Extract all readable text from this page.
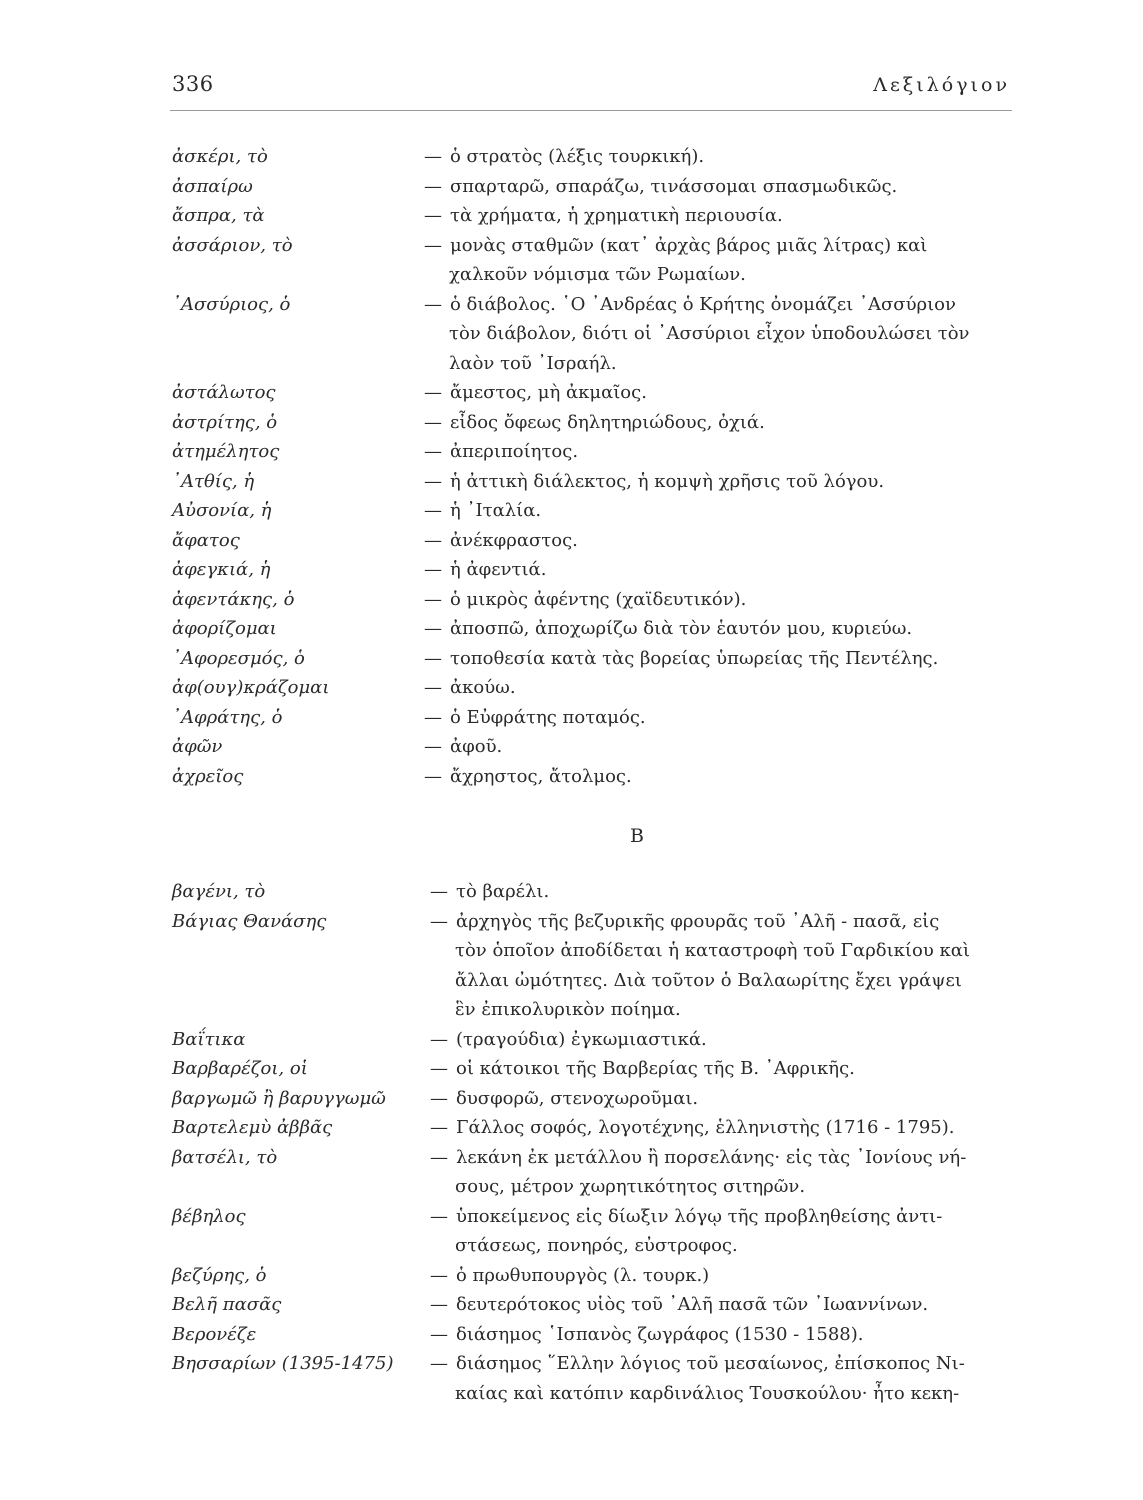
336	Λεξιλόγιον
ἀσκέρι, τὸ	— ὁ στρατὸς (λέξις τουρκική).
ἀσπαίρω	— σπαρταρῶ, σπαράζω, τινάσσομαι σπασμωδικῶς.
ἄσπρα, τὰ	— τὰ χρήματα, ἡ χρηματικὴ περιουσία.
ἀσσάριον, τὸ	— μονὰς σταθμῶν (κατ᾿ ἀρχὰς βάρος μιᾶς λίτρας) καὶ
χαλκοῦν νόμισμα τῶν Ρωμαίων.
᾿Ασσύριος, ὁ	— ὁ διάβολος. ῾Ο ᾿Ανδρέας ὁ Κρήτης ὀνομάζει ᾿Ασσύριον
τὸν διάβολον, διότι οἱ ᾿Ασσύριοι εἶχον ὑποδουλώσει τὸν
λαὸν τοῦ ᾿Ισραήλ.
ἀστάλωτος	— ἄμεστος, μὴ ἀκμαῖος.
ἀστρίτης, ὁ	— εἶδος ὄφεως δηλητηριώδους, ὀχιά.
ἀτημέλητος	— ἀπεριποίητος.
᾿Ατθίς, ἡ	— ἡ ἀττικὴ διάλεκτος, ἡ κομψὴ χρῆσις τοῦ λόγου.
Αὐσονία, ἡ	— ἡ ᾿Ιταλία.
ἄφατος	— ἀνέκφραστος.
ἀφεγκιά, ἡ	— ἡ ἀφεντιά.
ἀφεντάκης, ὁ	— ὁ μικρὸς ἀφέντης (χαϊδευτικόν).
ἀφορίζομαι	— ἀποσπῶ, ἀποχωρίζω διὰ τὸν ἑαυτόν μου, κυριεύω.
᾿Αφορεσμός, ὁ	— τοποθεσία κατὰ τὰς βορείας ὑπωρείας τῆς Πεντέλης.
ἀφ(ουγ)κράζομαι	— ἀκούω.
᾿Αφράτης, ὁ	— ὁ Εὐφράτης ποταμός.
ἀφῶν	— ἀφοῦ.
ἀχρεῖος	— ἄχρηστος, ἄτολμος.
Β
βαγένι, τὸ	— τὸ βαρέλι.
Βάγιας Θανάσης	— ἀρχηγὸς τῆς βεζυρικῆς φρουρᾶς τοῦ ᾿Αλῆ - πασᾶ, εἰς
τὸν ὁποῖον ἀποδίδεται ἡ καταστροφὴ τοῦ Γαρδικίου καὶ
ἄλλαι ὠμότητες. Διὰ τοῦτον ὁ Βαλαωρίτης ἔχει γράψει
ἓν ἐπικολυρικὸν ποίημα.
Βαΐτικα	— (τραγούδια) ἐγκωμιαστικά.
Βαρβαρέζοι, οἱ	— οἱ κάτοικοι τῆς Βαρβερίας τῆς Β. ᾿Αφρικῆς.
βαργωμῶ ἢ βαρυγγωμῶ	— δυσφορῶ, στενοχωροῦμαι.
Βαρτελεμὺ ἀββᾶς	— Γάλλος σοφός, λογοτέχνης, ἑλληνιστὴς (1716 - 1795).
βατσέλι, τὸ	— λεκάνη ἐκ μετάλλου ἢ πορσελάνης· εἰς τὰς ᾿Ιονίους νή-
σους, μέτρον χωρητικότητος σιτηρῶν.
βέβηλος	— ὑποκείμενος εἰς δίωξιν λόγῳ τῆς προβληθείσης ἀντι-
στάσεως, πονηρός, εὐστροφος.
βεζύρης, ὁ	— ὁ πρωθυπουργὸς (λ. τουρκ.)
Βελῆ πασᾶς	— δευτερότοκος υἱὸς τοῦ ᾿Αλῆ πασᾶ τῶν ᾿Ιωαννίνων.
Βερονέζε	— διάσημος ῾Ισπανὸς ζωγράφος (1530 - 1588).
Βησσαρίων (1395-1475)	— διάσημος ῞Ελλην λόγιος τοῦ μεσαίωνος, ἐπίσκοπος Νι-
καίας καὶ κατόπιν καρδινάλιος Τουσκούλου· ἦτο κεκη-
